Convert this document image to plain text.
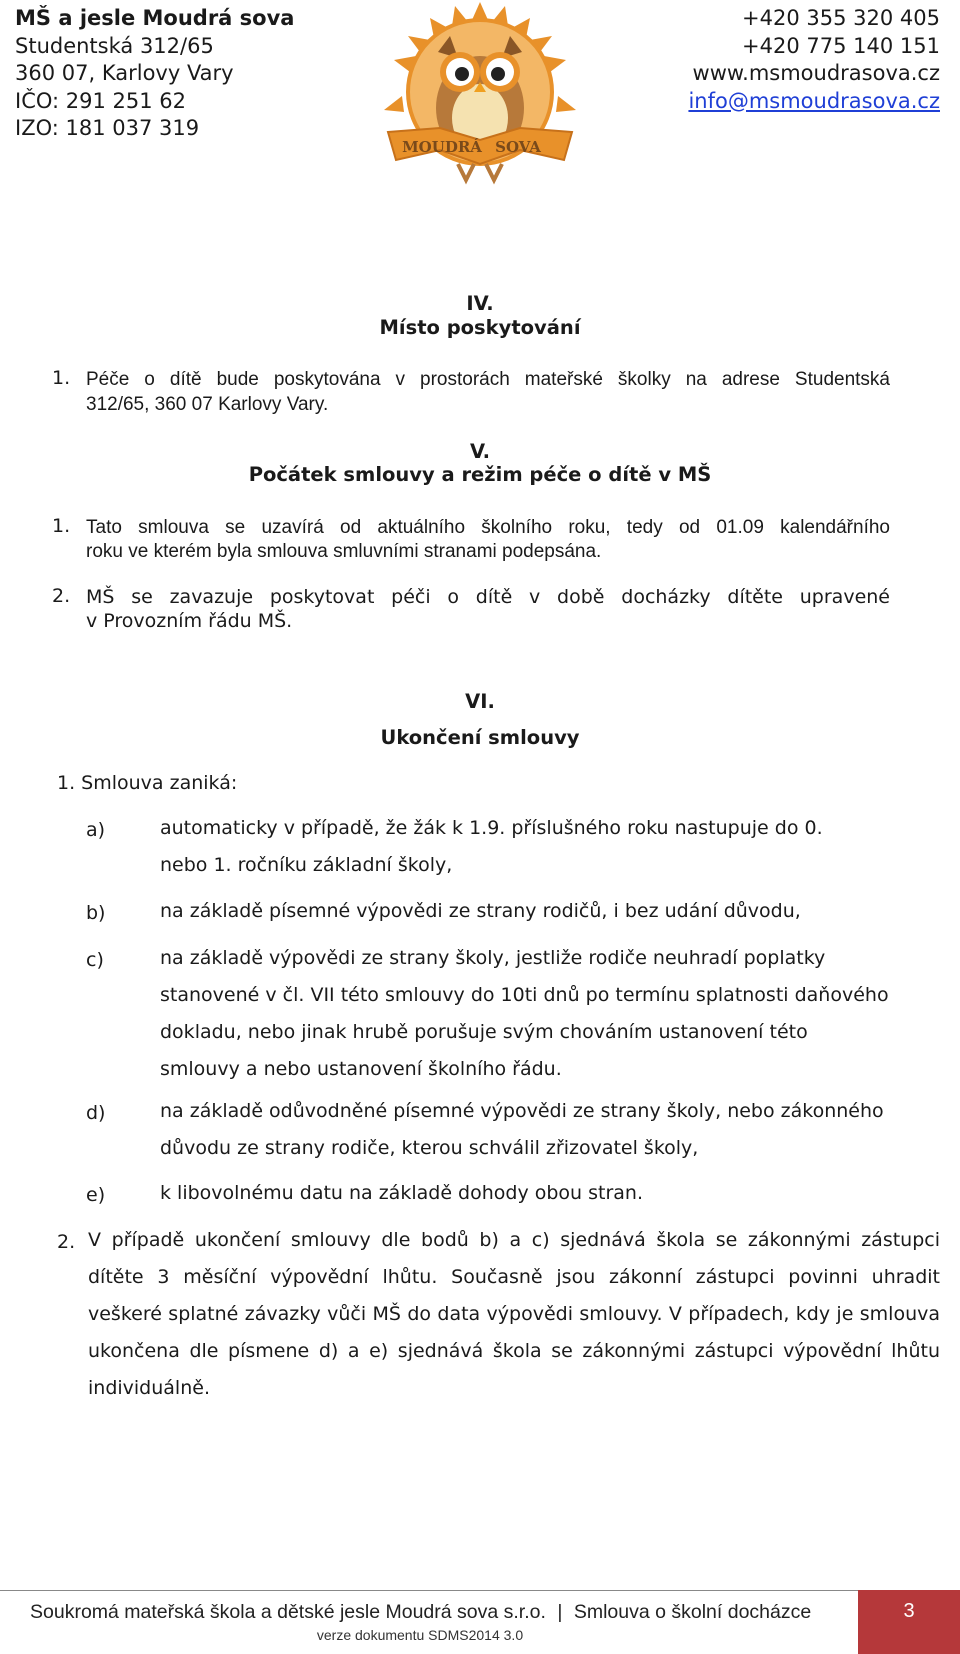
MŠ a jesle Moudrá sova
Studentská 312/65
360 07, Karlovy Vary
IČO: 291 251 62
IZO: 181 037 319
MOUDRÁ SOVA
+420 355 320 405
+420 775 140 151
www.msmoudrasova.cz
info@msmoudrasova.cz
IV.
Místo poskytování
1. Péče o dítě bude poskytována v prostorách mateřské školky na adrese Studentská
312/65, 360 07 Karlovy Vary.
V.
Počátek smlouvy a režim péče o dítě v MŠ
1. Tato smlouva se uzavírá od aktuálního školního roku, tedy od 01.09 kalendářního
roku ve kterém byla smlouva smluvními stranami podepsána.
2. MŠ se zavazuje poskytovat péči o dítě v době docházky dítěte upravené
v Provozním řádu MŠ.
VI.
Ukončení smlouvy
1. Smlouva zaniká:
a)	automaticky v případě, že žák k 1.9. příslušného roku nastupuje do 0. nebo 1. ročníku základní školy,
b)	na základě písemné výpovědi ze strany rodičů, i bez udání důvodu,
c)	na základě výpovědi ze strany školy, jestliže rodiče neuhradí poplatky stanovené v čl. VII této smlouvy do 10ti dnů po termínu splatnosti daňového dokladu, nebo jinak hrubě porušuje svým chováním ustanovení této smlouvy a nebo ustanovení školního řádu.
d)	na základě odůvodněné písemné výpovědi ze strany školy, nebo zákonného důvodu ze strany rodiče, kterou schválil zřizovatel školy,
e)	k libovolnému datu na základě dohody obou stran.
2. V případě ukončení smlouvy dle bodů b) a c) sjednává škola se zákonnými zástupci dítěte 3 měsíční výpovědní lhůtu. Současně jsou zákonní zástupci povinni uhradit veškeré splatné závazky vůči MŠ do data výpovědi smlouvy. V případech, kdy je smlouva ukončena dle písmene d) a e) sjednává škola se zákonnými zástupci výpovědní lhůtu individuálně.
3
Soukromá mateřská škola a dětské jesle Moudrá sova s.r.o. | Smlouva o školní docházce
verze dokumentu SDMS2014 3.0
